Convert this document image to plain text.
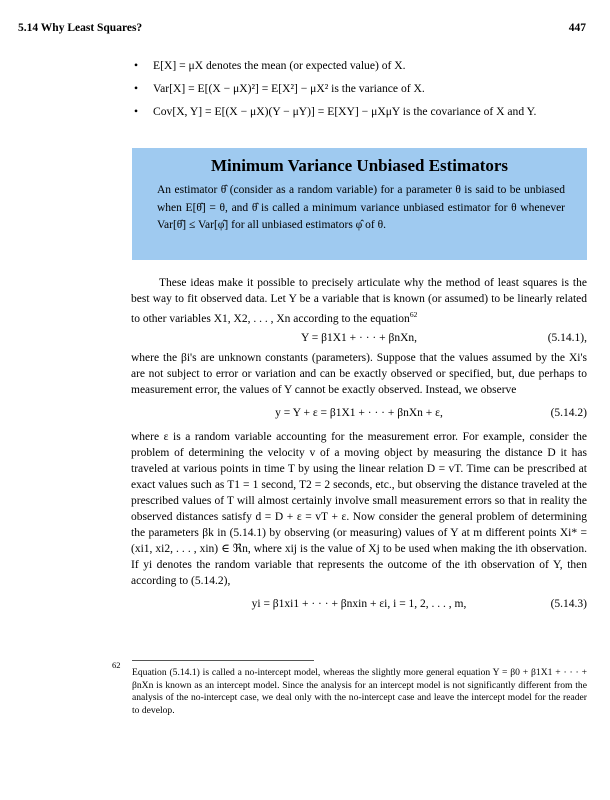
5.14 Why Least Squares?	447
• E[X] = μX denotes the mean (or expected value) of X.
• Var[X] = E[(X − μX)²] = E[X²] − μX² is the variance of X.
• Cov[X, Y] = E[(X − μX)(Y − μY)] = E[XY] − μXμY is the covariance of X and Y.
Minimum Variance Unbiased Estimators
An estimator θ̂ (consider as a random variable) for a parameter θ is said to be unbiased when E[θ̂] = θ, and θ̂ is called a minimum variance unbiased estimator for θ whenever Var[θ̂] ≤ Var[φ̂] for all unbiased estimators φ̂ of θ.

These ideas make it possible to precisely articulate why the method of least squares is the best way to fit observed data. Let Y be a variable that is known (or assumed) to be linearly related to other variables X1, X2, . . . , Xn according to the equation$^{62}$

Y = β1X1 + · · · + βnXn,	(5.14.1),

where the βi's are unknown constants (parameters). Suppose that the values assumed by the Xi's are not subject to error or variation and can be exactly observed or specified, but, due perhaps to measurement error, the values of Y cannot be exactly observed. Instead, we observe

y = Y + ε = β1X1 + · · · + βnXn + ε,	(5.14.2)

where ε is a random variable accounting for the measurement error. For example, consider the problem of determining the velocity v of a moving object by measuring the distance D it has traveled at various points in time T by using the linear relation D = vT. Time can be prescribed at exact values such as T1 = 1 second, T2 = 2 seconds, etc., but observing the distance traveled at the prescribed values of T will almost certainly involve small measurement errors so that in reality the observed distances satisfy d = D + ε = vT + ε. Now consider the general problem of determining the parameters βk in (5.14.1) by observing (or measuring) values of Y at m different points Xi* = (xi1, xi2, . . . , xin) ∈ ℜn, where xij is the value of Xj to be used when making the ith observation. If yi denotes the random variable that represents the outcome of the ith observation of Y, then according to (5.14.2),

yi = β1xi1 + · · · + βnxin + εi, i = 1, 2, . . . , m,	(5.14.3)
62
Equation (5.14.1) is called a no-intercept model, whereas the slightly more general equation Y = β0 + β1X1 + · · · + βnXn is known as an intercept model. Since the analysis for an intercept model is not significantly different from the analysis of the no-intercept case, we deal only with the no-intercept case and leave the intercept model for the reader to develop.
